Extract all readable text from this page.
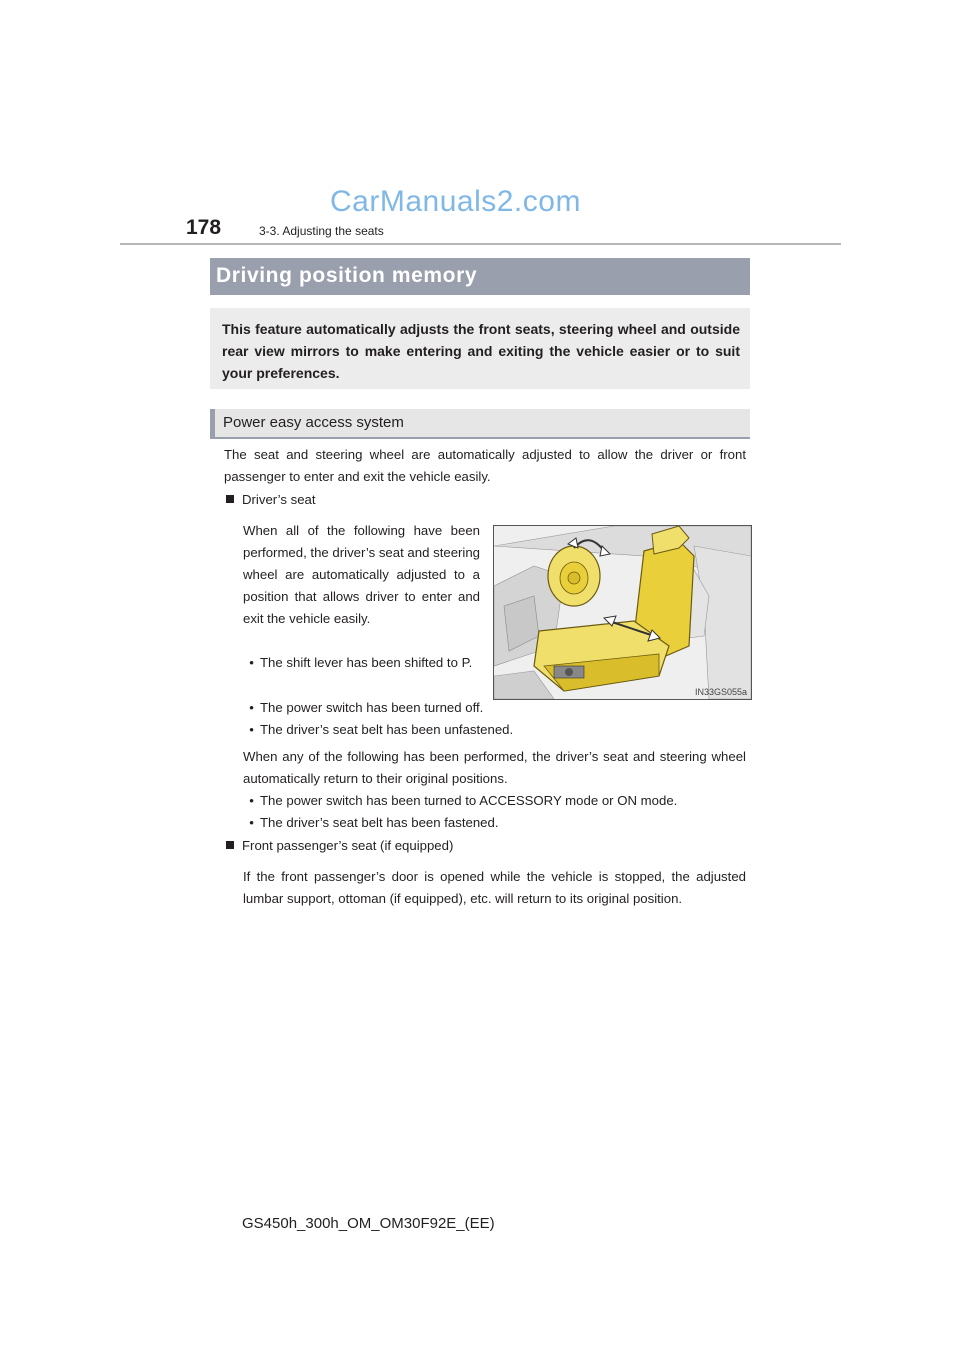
CarManuals2.com
178	3-3. Adjusting the seats
Driving position memory

This feature automatically adjusts the front seats, steering wheel and outside rear view mirrors to make entering and exiting the vehicle easier or to suit your preferences.

Power easy access system
The seat and steering wheel are automatically adjusted to allow the driver or front passenger to enter and exit the vehicle easily.
Driver’s seat
When all of the following have been performed, the driver’s seat and steering wheel are automatically adjusted to a position that allows driver to enter and exit the vehicle easily.
• The shift lever has been shifted to P.
• The power switch has been turned off.
• The driver’s seat belt has been unfastened.
When any of the following has been performed, the driver’s seat and steering wheel automatically return to their original positions.
• The power switch has been turned to ACCESSORY mode or ON mode.
• The driver’s seat belt has been fastened.
Front passenger’s seat (if equipped)
If the front passenger’s door is opened while the vehicle is stopped, the adjusted lumbar support, ottoman (if equipped), etc. will return to its original position.
IN33GS055a
GS450h_300h_OM_OM30F92E_(EE)
